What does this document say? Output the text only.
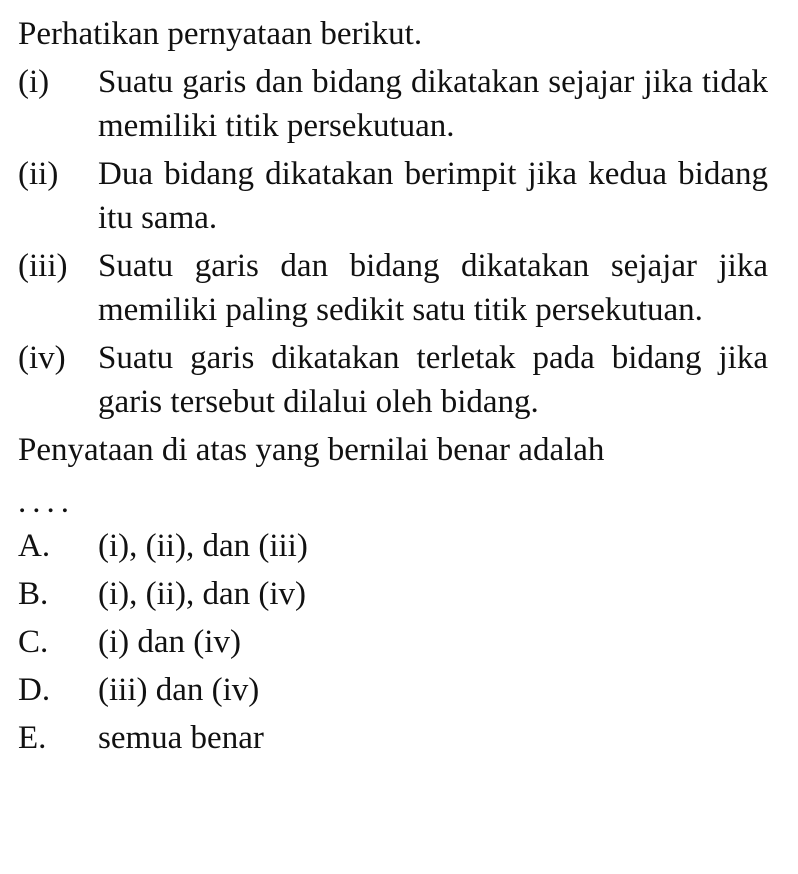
Perhatikan pernyataan berikut.
(i)	Suatu garis dan bidang dikatakan sejajar jika tidak memiliki titik persekutuan.
(ii)	Dua bidang dikatakan berimpit jika kedua bidang itu sama.
(iii) Suatu garis dan bidang dikatakan sejajar jika memiliki paling sedikit satu titik persekutuan.
(iv) Suatu garis dikatakan terletak pada bidang jika garis tersebut dilalui oleh bidang.
Penyataan di atas yang bernilai benar adalah
....
A.	(i), (ii), dan (iii)
B.	(i), (ii), dan (iv)
C.	(i) dan (iv)
D.	(iii) dan (iv)
E.	semua benar
